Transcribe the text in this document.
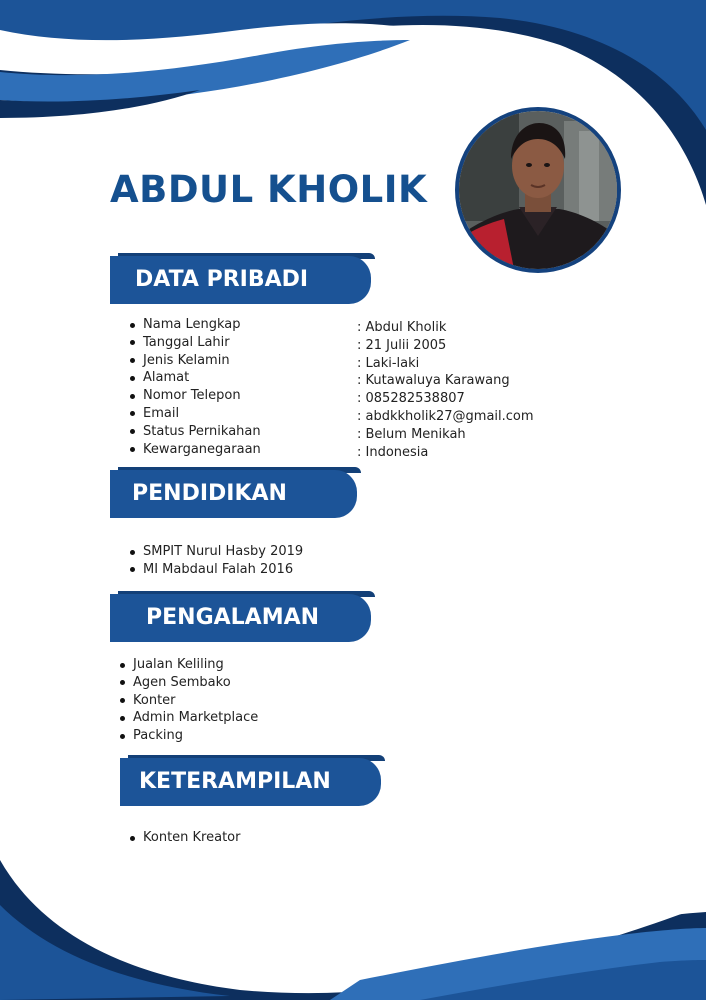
ABDUL KHOLIK
DATA PRIBADI
Nama Lengkap
Tanggal Lahir
Jenis Kelamin
Alamat
Nomor Telepon
Email
Status Pernikahan
Kewarganegaraan
: Abdul Kholik
: 21 Julii 2005
: Laki-laki
: Kutawaluya Karawang
: 085282538807
: abdkkholik27@gmail.com
: Belum Menikah
: Indonesia
PENDIDIKAN
SMPIT Nurul Hasby 2019
MI Mabdaul Falah 2016
PENGALAMAN
Jualan Keliling
Agen Sembako
Konter
Admin Marketplace
Packing
KETERAMPILAN
Konten Kreator
